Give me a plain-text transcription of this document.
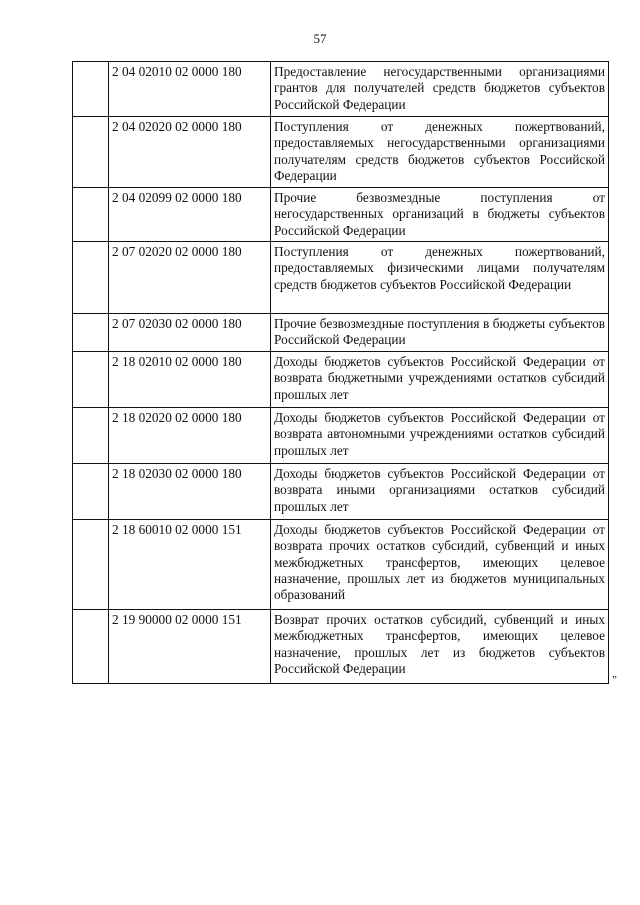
57
	2 04 02010 02 0000 180	Предоставление негосударственными организациями грантов для получателей средств бюджетов субъектов Российской Федерации
	2 04 02020 02 0000 180	Поступления от денежных пожертвований, предоставляемых негосударственными организациями получателям средств бюджетов субъектов Российской Федерации
	2 04 02099 02 0000 180	Прочие безвозмездные поступления от негосударственных организаций в бюджеты субъектов Российской Федерации
	2 07 02020 02 0000 180	Поступления от денежных пожертвований, предоставляемых физическими лицами получателям средств бюджетов субъектов Российской Федерации
	2 07 02030 02 0000 180	Прочие безвозмездные поступления в бюджеты субъектов Российской Федерации
	2 18 02010 02 0000 180	Доходы бюджетов субъектов Российской Федерации от возврата бюджетными учреждениями остатков субсидий прошлых лет
	2 18 02020 02 0000 180	Доходы бюджетов субъектов Российской Федерации от возврата автономными учреждениями остатков субсидий прошлых лет
	2 18 02030 02 0000 180	Доходы бюджетов субъектов Российской Федерации от возврата иными организациями остатков субсидий прошлых лет
	2 18 60010 02 0000 151	Доходы бюджетов субъектов Российской Федерации от возврата прочих остатков субсидий, субвенций и иных межбюджетных трансфертов, имеющих целевое назначение, прошлых лет из бюджетов муниципальных образований
	2 19 90000 02 0000 151	Возврат прочих остатков субсидий, субвенций и иных межбюджетных трансфертов, имеющих целевое назначение, прошлых лет из бюджетов субъектов Российской Федерации
”
